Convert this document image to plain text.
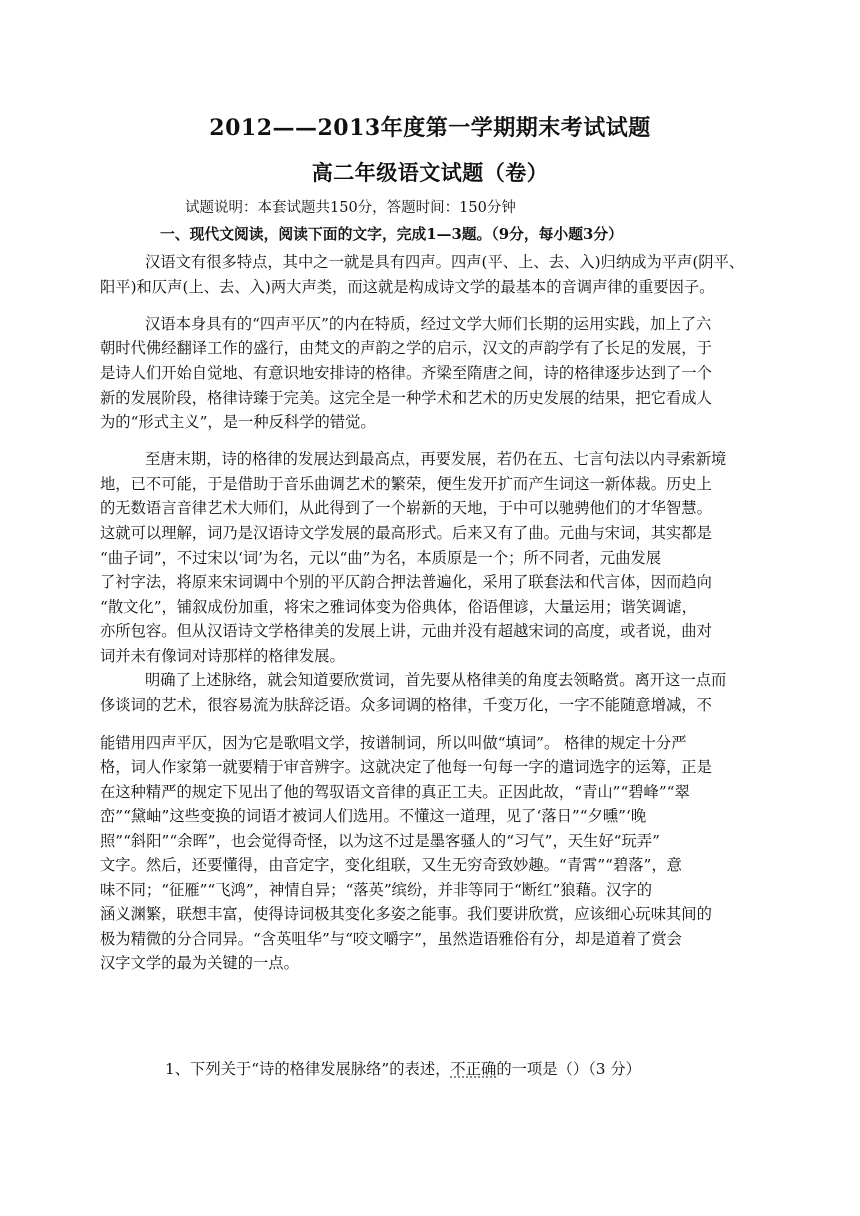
2012——2013年度第一学期期末考试试题
高二年级语文试题（卷）
试题说明：本套试题共150分，答题时间：150分钟
一、现代文阅读，阅读下面的文字，完成1—3题。（9分，每小题3分）
汉语文有很多特点，其中之一就是具有四声。四声(平、上、去、入)归纳成为平声(阴平、
阳平)和仄声(上、去、入)两大声类，而这就是构成诗文学的最基本的音调声律的重要因子。
汉语本身具有的“四声平仄”的内在特质，经过文学大师们长期的运用实践，加上了六
朝时代佛经翻译工作的盛行，由梵文的声韵之学的启示，汉文的声韵学有了长足的发展，于
是诗人们开始自觉地、有意识地安排诗的格律。齐梁至隋唐之间，诗的格律逐步达到了一个
新的发展阶段，格律诗臻于完美。这完全是一种学术和艺术的历史发展的结果，把它看成人
为的“形式主义”，是一种反科学的错觉。
至唐末期，诗的格律的发展达到最高点，再要发展，若仍在五、七言句法以内寻索新境
地，已不可能，于是借助于音乐曲调艺术的繁荣，便生发开扩而产生词这一新体裁。历史上
的无数语言音律艺术大师们，从此得到了一个崭新的天地，于中可以驰骋他们的才华智慧。
这就可以理解，词乃是汉语诗文学发展的最高形式。后来又有了曲。元曲与宋词，其实都是
“曲子词”，不过宋以‘词’为名，元以“曲”为名，本质原是一个；所不同者，元曲发展
了衬字法，将原来宋词调中个别的平仄韵合押法普遍化，采用了联套法和代言体，因而趋向
“散文化”，铺叙成份加重，将宋之雅词体变为俗典体，俗语俚谚，大量运用；谐笑调谑，
亦所包容。但从汉语诗文学格律美的发展上讲，元曲并没有超越宋词的高度，或者说，曲对
词并未有像词对诗那样的格律发展。
明确了上述脉络，就会知道要欣赏词，首先要从格律美的角度去领略赏。离开这一点而
侈谈词的艺术，很容易流为肤辞泛语。众多词调的格律，千变万化，一字不能随意增减，不
能错用四声平仄，因为它是歌唱文学，按谱制词，所以叫做“填词”。 格律的规定十分严
格，词人作家第一就要精于审音辨字。这就决定了他每一句每一字的遣词选字的运筹，正是
在这种精严的规定下见出了他的驾驭语文音律的真正工夫。正因此故，“青山”“碧峰”“翠
峦”“黛岫”这些变换的词语才被词人们选用。不懂这一道理，见了‘落日”“夕曛”‘晚
照”“斜阳”“余晖”，也会觉得奇怪，以为这不过是墨客骚人的“习气”，天生好“玩弄”
文字。然后，还要懂得，由音定字，变化组联，又生无穷奇致妙趣。“青霄”“碧落”，意
味不同；“征雁”“飞鸿”，神情自异；“落英”缤纷，并非等同于“断红”狼藉。汉字的
涵义渊繁，联想丰富，使得诗词极其变化多姿之能事。我们要讲欣赏，应该细心玩味其间的
极为精微的分合同异。“含英咀华”与“咬文嚼字”，虽然造语雅俗有分，却是道着了赏会
汉字文学的最为关键的一点。
1、下列关于“诗的格律发展脉络”的表述，不正确的一项是（）（3 分）
